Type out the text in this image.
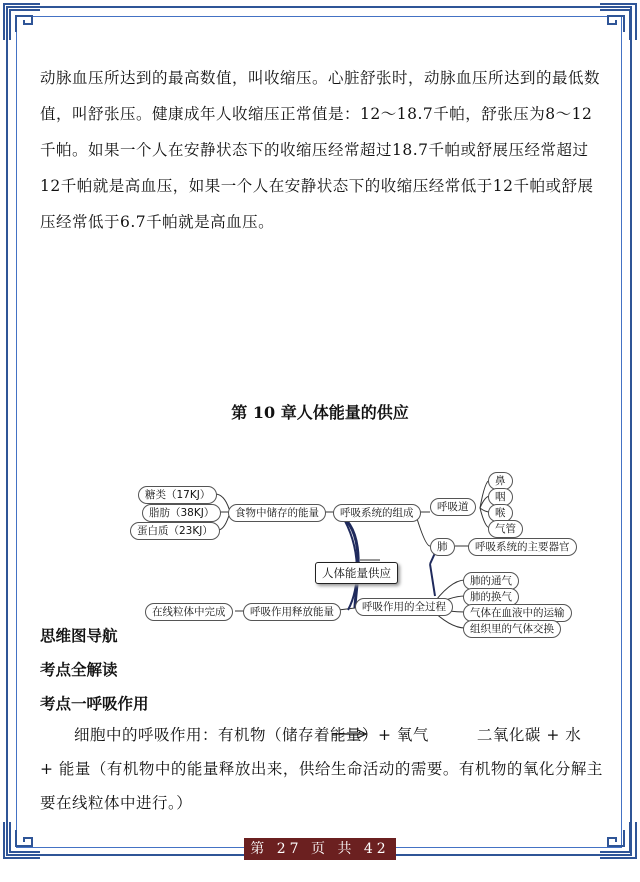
动脉血压所达到的最高数值，叫收缩压。心脏舒张时，动脉血压所达到的最低数值，叫舒张压。健康成年人收缩压正常值是：12～18.7千帕，舒张压为8～12千帕。如果一个人在安静状态下的收缩压经常超过18.7千帕或舒展压经常超过12千帕就是高血压，如果一个人在安静状态下的收缩压经常低于12千帕或舒展压经常低于6.7千帕就是高血压。

第 10 章人体能量的供应
糖类（17KJ）
脂肪（38KJ）
蛋白质（23KJ）
食物中储存的能量	呼吸系统的组成	呼吸道
鼻
咽
喉
气管
肺	呼吸系统的主要器官
人体能量供应
在线粒体中完成	呼吸作用释放能量	呼吸作用的全过程
肺的通气
肺的换气
气体在血液中的运输
组织里的气体交换
思维图导航
考点全解读
考点一呼吸作用
细胞中的呼吸作用：有机物（储存着能量）+ 氧气　　　二氧化碳 + 水
+ 能量（有机物中的能量释放出来，供给生命活动的需要。有机物的氧化分解主要在线粒体中进行。）
第 27 页 共 42 页
